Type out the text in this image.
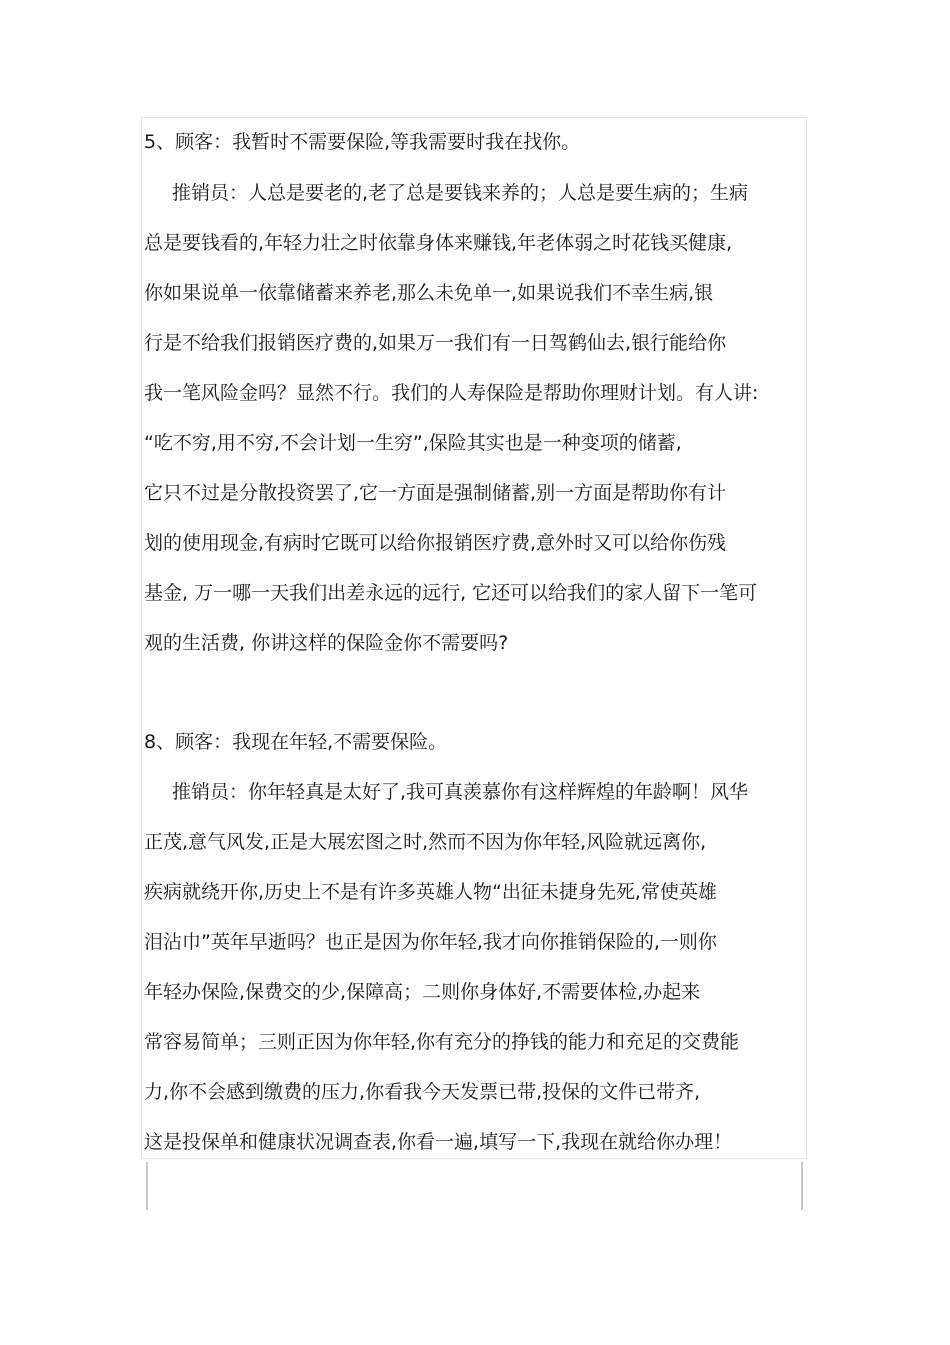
5、顾客：我暂时不需要保险,等我需要时我在找你。
推销员：人总是要老的,老了总是要钱来养的；人总是要生病的；生病
总是要钱看的,年轻力壮之时依靠身体来赚钱,年老体弱之时花钱买健康,
你如果说单一依靠储蓄来养老,那么未免单一,如果说我们不幸生病,银
行是不给我们报销医疗费的,如果万一我们有一日驾鹤仙去,银行能给你
我一笔风险金吗？显然不行。我们的人寿保险是帮助你理财计划。有人讲:
“吃不穷,用不穷,不会计划一生穷”,保险其实也是一种变项的储蓄,
它只不过是分散投资罢了,它一方面是强制储蓄,别一方面是帮助你有计
划的使用现金,有病时它既可以给你报销医疗费,意外时又可以给你伤残
基金, 万一哪一天我们出差永远的远行, 它还可以给我们的家人留下一笔可
观的生活费, 你讲这样的保险金你不需要吗?
8、顾客：我现在年轻,不需要保险。
推销员：你年轻真是太好了,我可真羡慕你有这样辉煌的年龄啊！风华
正茂,意气风发,正是大展宏图之时,然而不因为你年轻,风险就远离你,
疾病就绕开你,历史上不是有许多英雄人物“出征未捷身先死,常使英雄
泪沾巾”英年早逝吗？也正是因为你年轻,我才向你推销保险的,一则你
年轻办保险,保费交的少,保障高；二则你身体好,不需要体检,办起来
常容易简单；三则正因为你年轻,你有充分的挣钱的能力和充足的交费能
力,你不会感到缴费的压力,你看我今天发票已带,投保的文件已带齐,
这是投保单和健康状况调查表,你看一遍,填写一下,我现在就给你办理！
